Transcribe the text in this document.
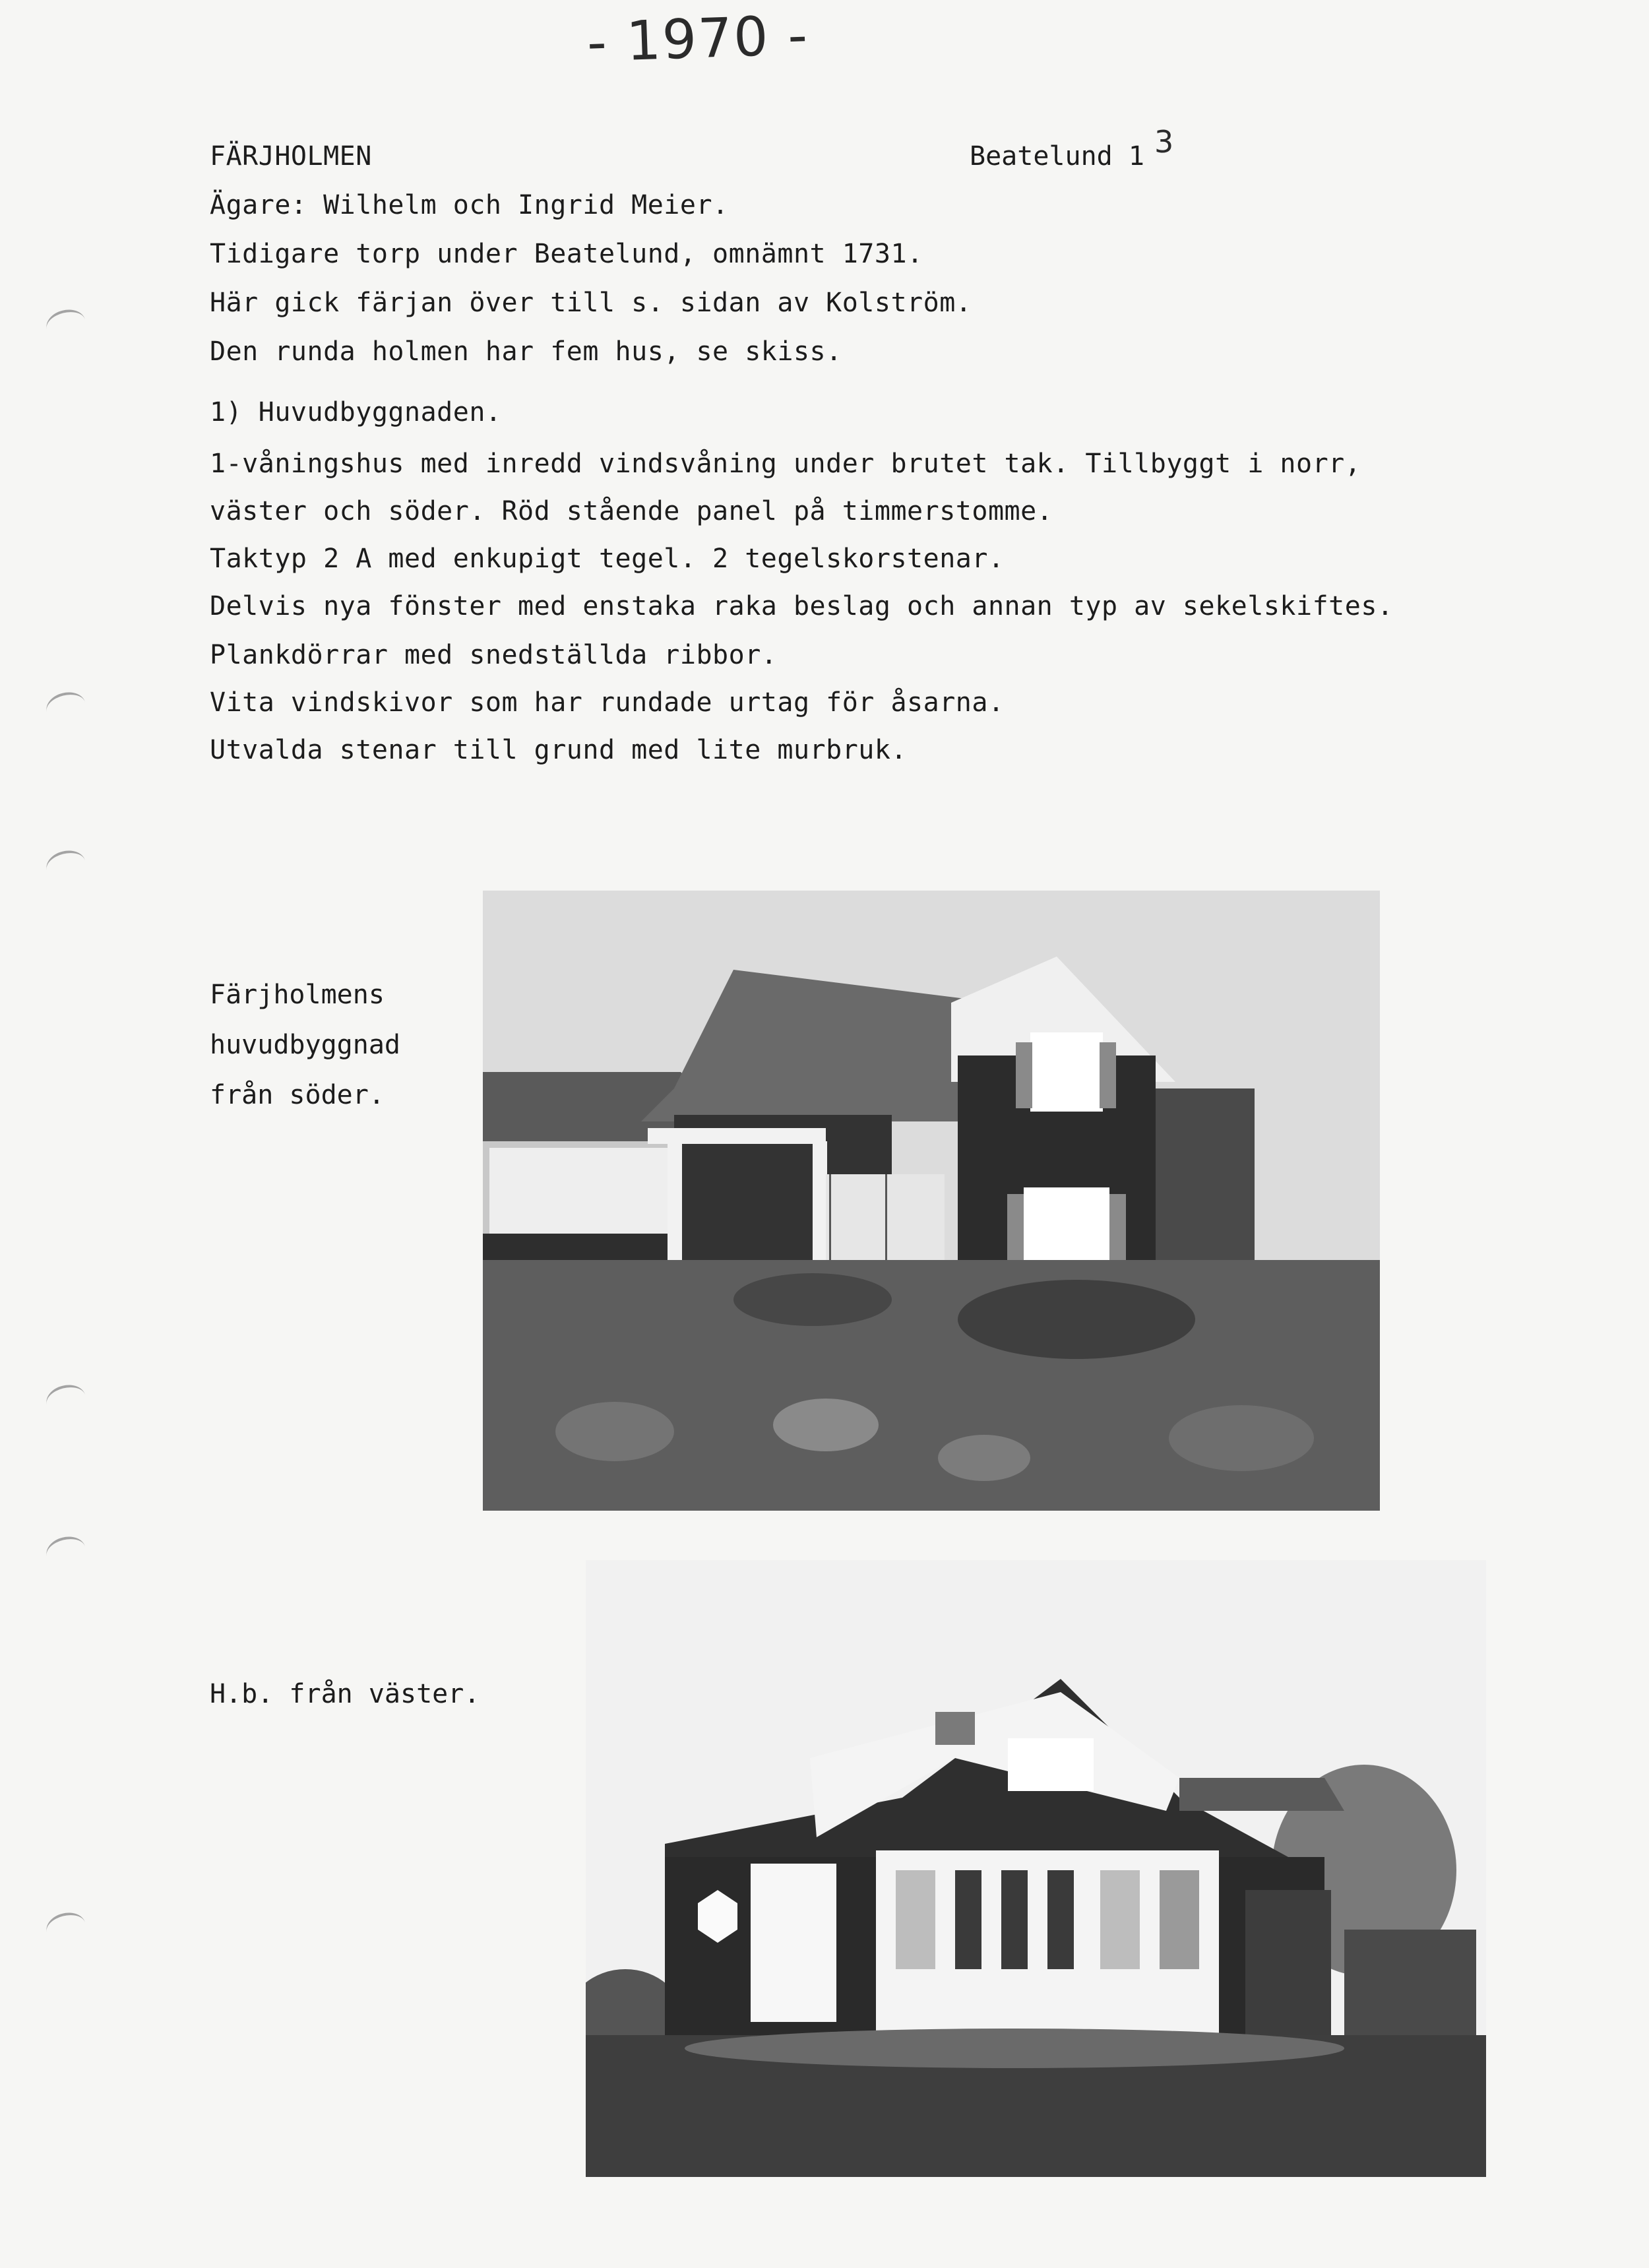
- 1970 -
FÄRJHOLMEN	Beatelund 1 3
Ägare: Wilhelm och Ingrid Meier.
Tidigare torp under Beatelund, omnämnt 1731.
Här gick färjan över till s. sidan av Kolström.
Den runda holmen har fem hus, se skiss.
1) Huvudbyggnaden.
1-våningshus med inredd vindsvåning under brutet tak. Tillbyggt i norr,
väster och söder. Röd stående panel på timmerstomme.
Taktyp 2 A med enkupigt tegel. 2 tegelskorstenar.
Delvis nya fönster med enstaka raka beslag och annan typ av sekelskiftes.
Plankdörrar med snedställda ribbor.
Vita vindskivor som har rundade urtag för åsarna.
Utvalda stenar till grund med lite murbruk.
Färjholmens
huvudbyggnad
från söder.
H.b. från väster.
